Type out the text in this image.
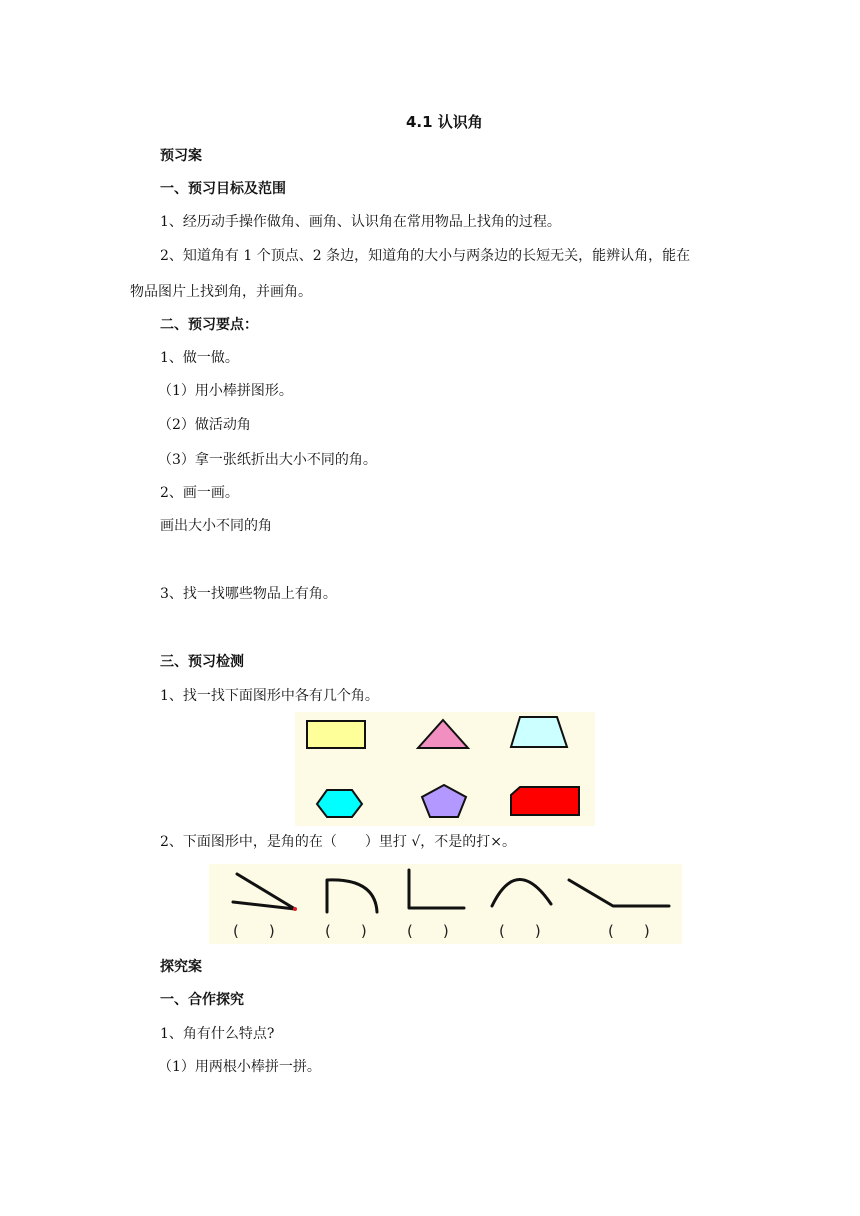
4.1 认识角
预习案
一、预习目标及范围
1、经历动手操作做角、画角、认识角在常用物品上找角的过程。
2、知道角有 1 个顶点、2 条边，知道角的大小与两条边的长短无关，能辨认角，能在
物品图片上找到角，并画角。
二、预习要点：
1、做一做。
（1）用小棒拼图形。
（2）做活动角
（3）拿一张纸折出大小不同的角。
2、画一画。
画出大小不同的角
3、找一找哪些物品上有角。
三、预习检测
1、找一找下面图形中各有几个角。
2、下面图形中，是角的在（　　）里打 √，不是的打×。
(　　)	(　　)	(　　)	(　　)	(　　)
探究案
一、合作探究
1、角有什么特点?
（1）用两根小棒拼一拼。
